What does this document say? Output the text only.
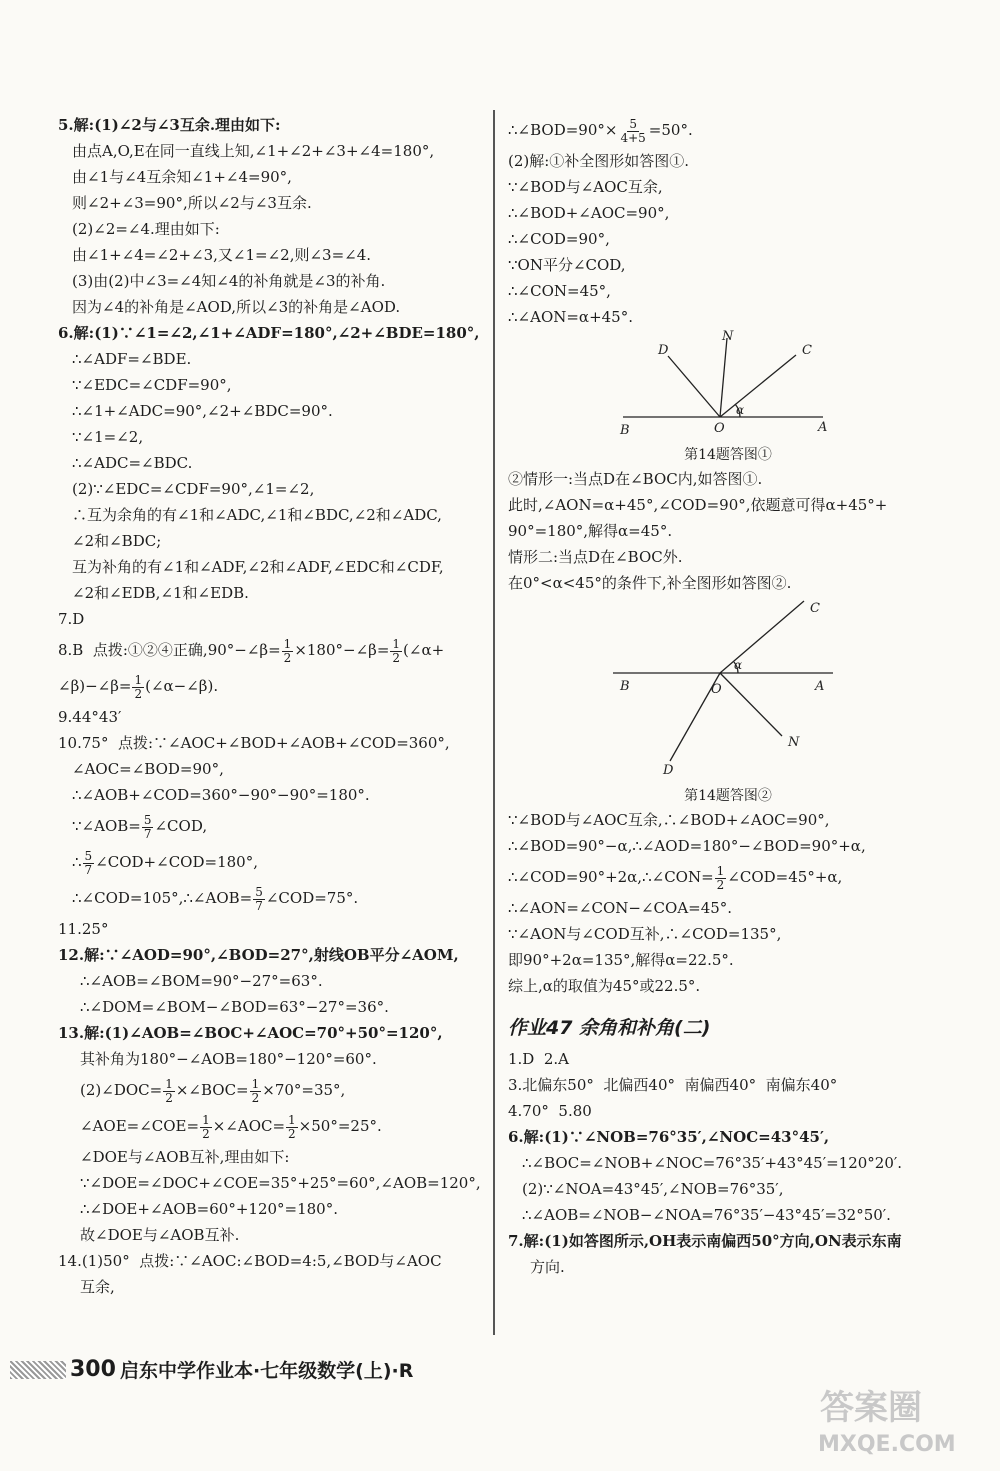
5.解:(1)∠2与∠3互余.理由如下:
由点A,O,E在同一直线上知,∠1+∠2+∠3+∠4=180°,
由∠1与∠4互余知∠1+∠4=90°,
则∠2+∠3=90°,所以∠2与∠3互余.
(2)∠2=∠4.理由如下:
由∠1+∠4=∠2+∠3,又∠1=∠2,则∠3=∠4.
(3)由(2)中∠3=∠4知∠4的补角就是∠3的补角.
因为∠4的补角是∠AOD,所以∠3的补角是∠AOD.
6.解:(1)∵∠1=∠2,∠1+∠ADF=180°,∠2+∠BDE=180°,
∴∠ADF=∠BDE.
∵∠EDC=∠CDF=90°,
∴∠1+∠ADC=90°,∠2+∠BDC=90°.
∵∠1=∠2,
∴∠ADC=∠BDC.
(2)∵∠EDC=∠CDF=90°,∠1=∠2,
∴互为余角的有∠1和∠ADC,∠1和∠BDC,∠2和∠ADC,
∠2和∠BDC;
互为补角的有∠1和∠ADF,∠2和∠ADF,∠EDC和∠CDF,
∠2和∠EDB,∠1和∠EDB.
7.D
8.B  点拨:①②④正确,90°−∠β= $\frac{1}{2}$ ×180°−∠β= $\frac{1}{2}$ (∠α+
∠β)−∠β= $\frac{1}{2}$ (∠α−∠β).
9.44°43′
10.75°  点拨:∵∠AOC+∠BOD+∠AOB+∠COD=360°,
∠AOC=∠BOD=90°,
∴∠AOB+∠COD=360°−90°−90°=180°.
∵∠AOB= $\frac{5}{7}$ ∠COD,
∴ $\frac{5}{7}$ ∠COD+∠COD=180°,
∴∠COD=105°,∴∠AOB= $\frac{5}{7}$ ∠COD=75°.
11.25°
12.解:∵∠AOD=90°,∠BOD=27°,射线OB平分∠AOM,
∴∠AOB=∠BOM=90°−27°=63°.
∴∠DOM=∠BOM−∠BOD=63°−27°=36°.
13.解:(1)∠AOB=∠BOC+∠AOC=70°+50°=120°,
其补角为180°−∠AOB=180°−120°=60°.
(2)∠DOC= $\frac{1}{2}$ ×∠BOC= $\frac{1}{2} \times 70^\circ=35^\circ$,
∠AOE=∠COE= $\frac{1}{2}$ ×∠AOC= $\frac{1}{2} \times 50^\circ=25^\circ$.
∠DOE与∠AOB互补,理由如下:
∵∠DOE=∠DOC+∠COE=35°+25°=60°,∠AOB=120°,
∴∠DOE+∠AOB=60°+120°=180°.
故∠DOE与∠AOB互补.
14.(1)50°  点拨:∵∠AOC:∠BOD=4:5,∠BOD与∠AOC
互余,
∴∠BOD=90°× $\frac{5}{4+5} =50^\circ$.
(2)解:①补全图形如答图①.
∵∠BOD与∠AOC互余,
∴∠BOD+∠AOC=90°,
∴∠COD=90°,
∵ON平分∠COD,
∴∠CON=45°,
∴∠AON=α+45°.
N
D	C
B	O	A
α
第14题答图①
②情形一:当点D在∠BOC内,如答图①.
此时,∠AON=α+45°,∠COD=90°,依题意可得α+45°+
90°=180°,解得α=45°.
情形二:当点D在∠BOC外.
在0°<α<45°的条件下,补全图形如答图②.
C
B	O	A
N
D
α
第14题答图②
∵∠BOD与∠AOC互余,∴∠BOD+∠AOC=90°,
∴∠BOD=90°−α,∴∠AOD=180°−∠BOD=90°+α,
∴∠COD=90°+2α,∴∠CON= $\frac{1}{2}$ ∠COD=45°+α,
∴∠AON=∠CON−∠COA=45°.
∵∠AON与∠COD互补,∴∠COD=135°,
即90°+2α=135°,解得α=22.5°.
综上,α的取值为45°或22.5°.
作业47 余角和补角(二)
1.D  2.A
3.北偏东50°  北偏西40°  南偏西40°  南偏东40°
4.70°  5.80
6.解:(1)∵∠NOB=76°35′,∠NOC=43°45′,
∴∠BOC=∠NOB+∠NOC=76°35′+43°45′=120°20′.
(2)∵∠NOA=43°45′,∠NOB=76°35′,
∴∠AOB=∠NOB−∠NOA=76°35′−43°45′=32°50′.
7.解:(1)如答图所示,OH表示南偏西50°方向,ON表示东南
方向.
300 启东中学作业本·七年级数学(上)·R
答案圈
MXQE.COM
